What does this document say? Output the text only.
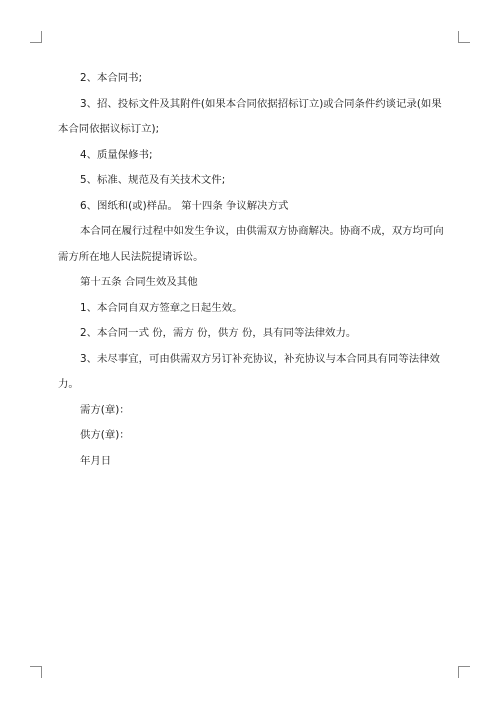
2、本合同书;

3、招、投标文件及其附件(如果本合同依据招标订立)或合同条件约谈记录(如果

本合同依据议标订立);

4、质量保修书;

5、标准、规范及有关技术文件;

6、图纸和(或)样品。 第十四条 争议解决方式

本合同在履行过程中如发生争议，由供需双方协商解决。协商不成，双方均可向

需方所在地人民法院提请诉讼。

第十五条 合同生效及其他

1、本合同自双方签章之日起生效。

2、本合同一式 份，需方 份，供方 份，具有同等法律效力。

3、未尽事宜，可由供需双方另订补充协议，补充协议与本合同具有同等法律效

力。

需方(章)：

供方(章)：

年月日
